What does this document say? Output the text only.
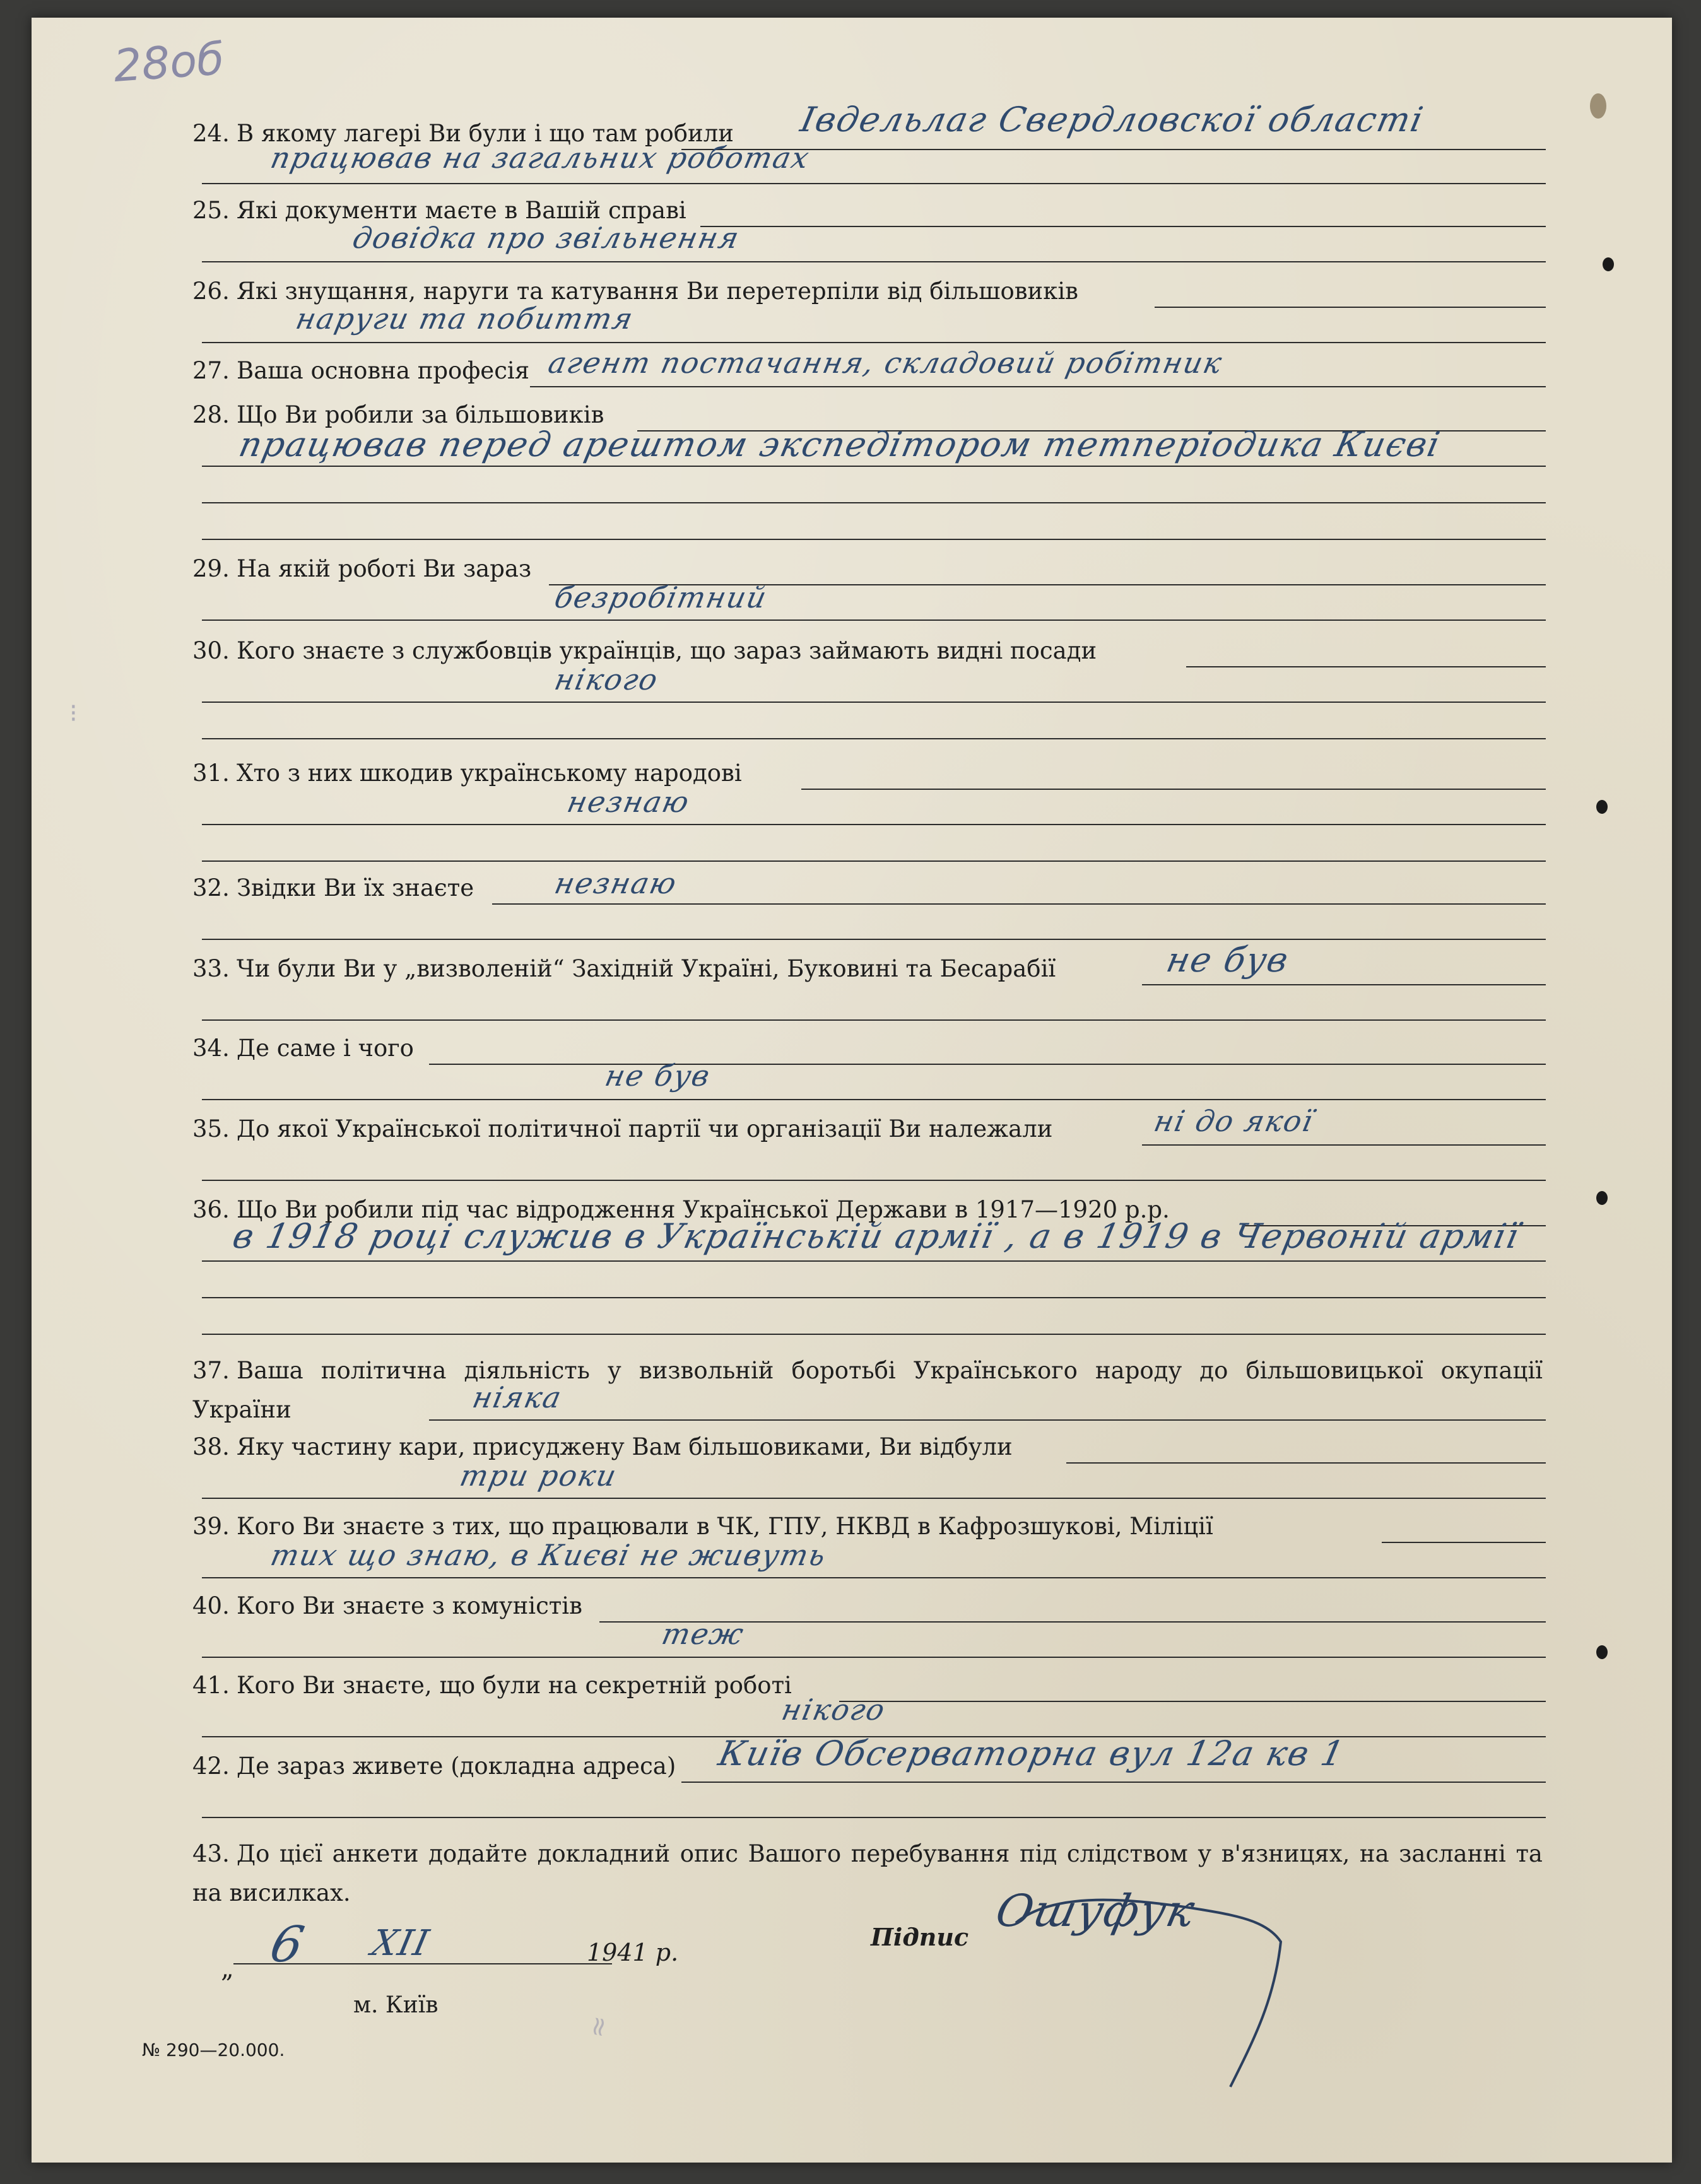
28об
24. В якому лагері Ви були і що там робили	Івдельлаг Свердловскої області
працював на загальних роботах
25. Які документи маєте в Вашій справі
довідка про звільнення
26. Які знущання, наруги та катування Ви перетерпіли від більшовиків
наруги та побиття
27. Ваша основна професія агент постачання, складовий робітник
28. Що Ви робили за більшовиків
працював перед арештом экспедітором тетперіодика Києві
29. На якій роботі Ви зараз
безробітний
30. Кого знаєте з службовців українців, що зараз займають видні посади
нікого
31. Хто з них шкодив українському народові
незнаю
32. Звідки Ви їх знаєте	незнаю
33. Чи були Ви у „визволеній“ Західній Україні, Буковині та Бесарабії	не був
34. Де саме і чого
не був
35. До якої Української політичної партії чи організації Ви належали	ні до якої
36. Що Ви робили під час відродження Української Держави в 1917—1920 р.р.
в 1918 році служив в Українській армії , а в 1919 в Червоній армії
37. Ваша політична діяльність у визвольній боротьбі Українського народу до більшовицької окупації України	ніяка
38. Яку частину кари, присуджену Вам більшовиками, Ви відбули
три роки
39. Кого Ви знаєте з тих, що працювали в ЧК, ГПУ, НКВД в Кафрозшукові, Міліції
тих що знаю, в Києві не живуть
40. Кого Ви знаєте з комуністів
теж
41. Кого Ви знаєте, що були на секретній роботі
нікого
42. Де зараз живете (докладна адреса)	Київ Обсерваторна вул 12а кв 1
43. До цієї анкети додайте докладний опис Вашого перебування під слідством у в'язницях, на засланні та на висилках.
„ 6 XII	1941 р.
м. Київ
№ 290—20.000.
Підпис
Ошуфук
⁝
≈
